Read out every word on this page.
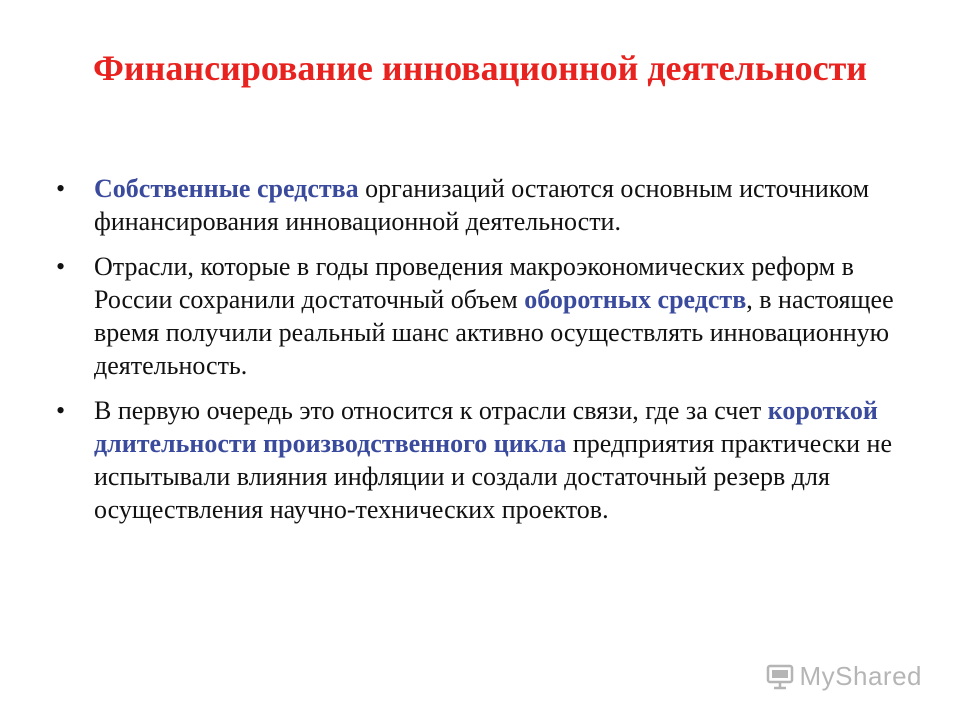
Финансирование инновационной деятельности
• Собственные средства организаций остаются основным источником финансирования инновационной деятельности.
• Отрасли, которые в годы проведения макроэкономических реформ в России сохранили достаточный объем оборотных средств, в настоящее время получили реальный шанс активно осуществлять инновационную деятельность.
• В первую очередь это относится к отрасли связи, где за счет короткой длительности производственного цикла предприятия практически не испытывали влияния инфляции и создали достаточный резерв для осуществления научно-технических проектов.
MyShared
